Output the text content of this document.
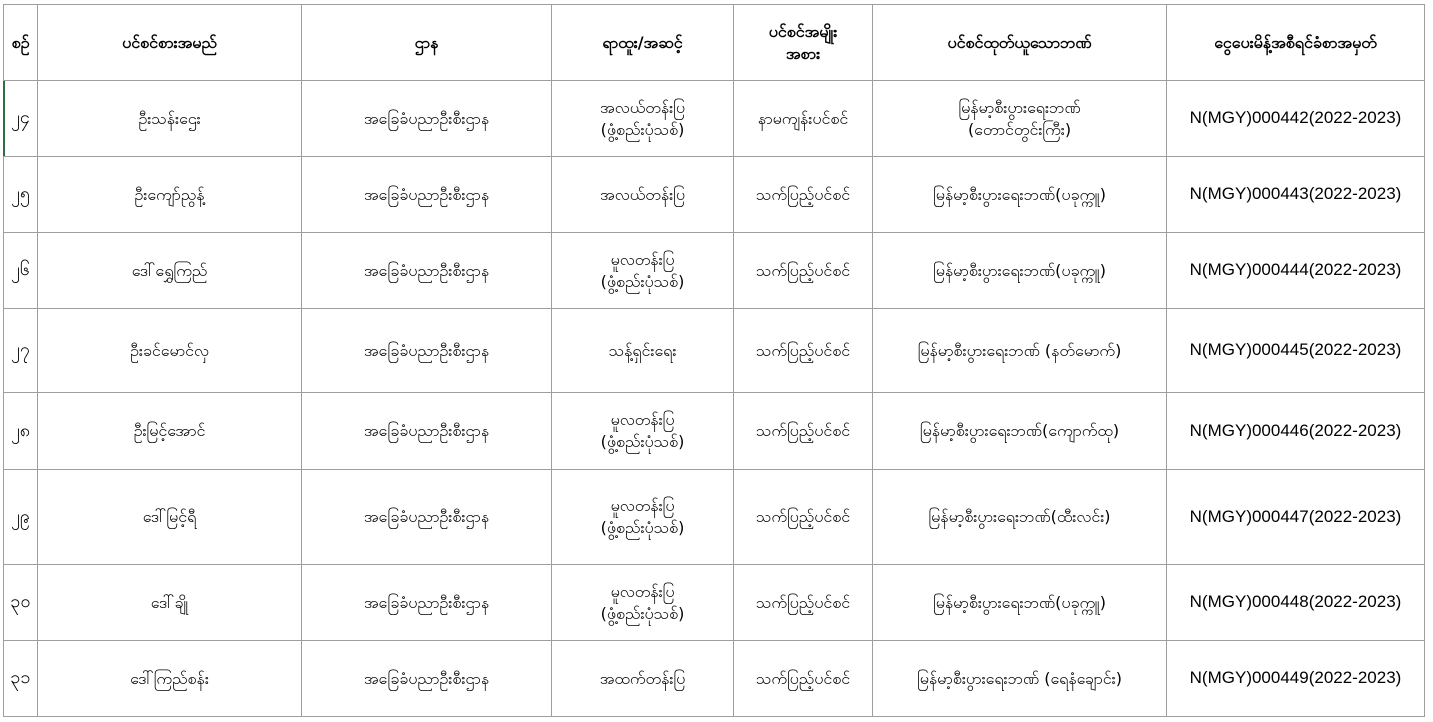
စဉ်	ပင်စင်စားအမည်	ဌာန	ရာထူး/အဆင့်	ပင်စင်အမျိုး
အစား	ပင်စင်ထုတ်ယူသောဘဏ်	ငွေပေးမိန့်အစီရင်ခံစာအမှတ်
၂၄	ဦးသန်းဌေး	အခြေခံပညာဦးစီးဌာန	အလယ်တန်းပြ
(ဖွံ့စည်းပုံသစ်)	နာမကျန်းပင်စင်	မြန်မာ့စီးပွားရေးဘဏ်
(တောင်တွင်းကြီး)	N(MGY)000442(2022-2023)
၂၅	ဦးကျော်ညွန့်	အခြေခံပညာဦးစီးဌာန	အလယ်တန်းပြ	သက်ပြည့်ပင်စင်	မြန်မာ့စီးပွားရေးဘဏ်(ပခုက္ကူ)	N(MGY)000443(2022-2023)
၂၆	ဒေါ်ရွှေကြည်	အခြေခံပညာဦးစီးဌာန	မူလတန်းပြ
(ဖွံ့စည်းပုံသစ်)	သက်ပြည့်ပင်စင်	မြန်မာ့စီးပွားရေးဘဏ်(ပခုက္ကူ)	N(MGY)000444(2022-2023)
၂၇	ဦးခင်မောင်လှ	အခြေခံပညာဦးစီးဌာန	သန့်ရှင်းရေး	သက်ပြည့်ပင်စင်	မြန်မာ့စီးပွားရေးဘဏ် (နတ်မောက်)	N(MGY)000445(2022-2023)
၂၈	ဦးမြင့်အောင်	အခြေခံပညာဦးစီးဌာန	မူလတန်းပြ
(ဖွံ့စည်းပုံသစ်)	သက်ပြည့်ပင်စင်	မြန်မာ့စီးပွားရေးဘဏ်(ကျောက်ထု)	N(MGY)000446(2022-2023)
၂၉	ဒေါ်မြင့်ရီ	အခြေခံပညာဦးစီးဌာန	မူလတန်းပြ
(ဖွံ့စည်းပုံသစ်)	သက်ပြည့်ပင်စင်	မြန်မာ့စီးပွားရေးဘဏ်(ထီးလင်း)	N(MGY)000447(2022-2023)
၃၀	ဒေါ်ချို	အခြေခံပညာဦးစီးဌာန	မူလတန်းပြ
(ဖွံ့စည်းပုံသစ်)	သက်ပြည့်ပင်စင်	မြန်မာ့စီးပွားရေးဘဏ်(ပခုက္ကူ)	N(MGY)000448(2022-2023)
၃၁	ဒေါ်ကြည်စန်း	အခြေခံပညာဦးစီးဌာန	အထက်တန်းပြ	သက်ပြည့်ပင်စင်	မြန်မာ့စီးပွားရေးဘဏ် (ရေနံချောင်း)	N(MGY)000449(2022-2023)
